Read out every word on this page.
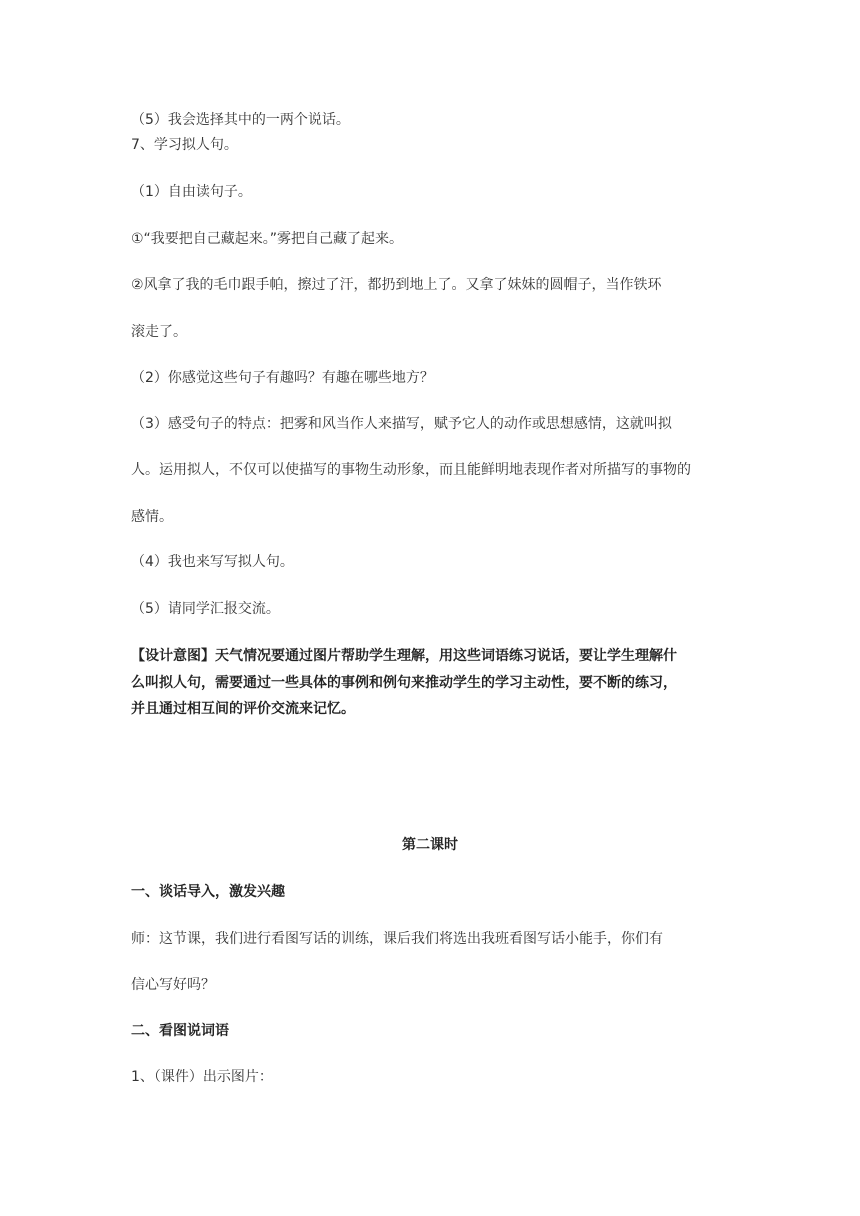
（5）我会选择其中的一两个说话。
7、学习拟人句。
（1）自由读句子。
①“我要把自己藏起来。”雾把自己藏了起来。
②风拿了我的毛巾跟手帕，擦过了汗，都扔到地上了。又拿了妹妹的圆帽子，当作铁环
滚走了。
（2）你感觉这些句子有趣吗？有趣在哪些地方？
（3）感受句子的特点：把雾和风当作人来描写，赋予它人的动作或思想感情，这就叫拟
人。运用拟人，不仅可以使描写的事物生动形象，而且能鲜明地表现作者对所描写的事物的
感情。
（4）我也来写写拟人句。
（5）请同学汇报交流。
【设计意图】天气情况要通过图片帮助学生理解，用这些词语练习说话，要让学生理解什
么叫拟人句，需要通过一些具体的事例和例句来推动学生的学习主动性，要不断的练习，
并且通过相互间的评价交流来记忆。
第二课时
一、谈话导入，激发兴趣
师：这节课，我们进行看图写话的训练，课后我们将选出我班看图写话小能手，你们有
信心写好吗？
二、看图说词语
1、（课件）出示图片：
